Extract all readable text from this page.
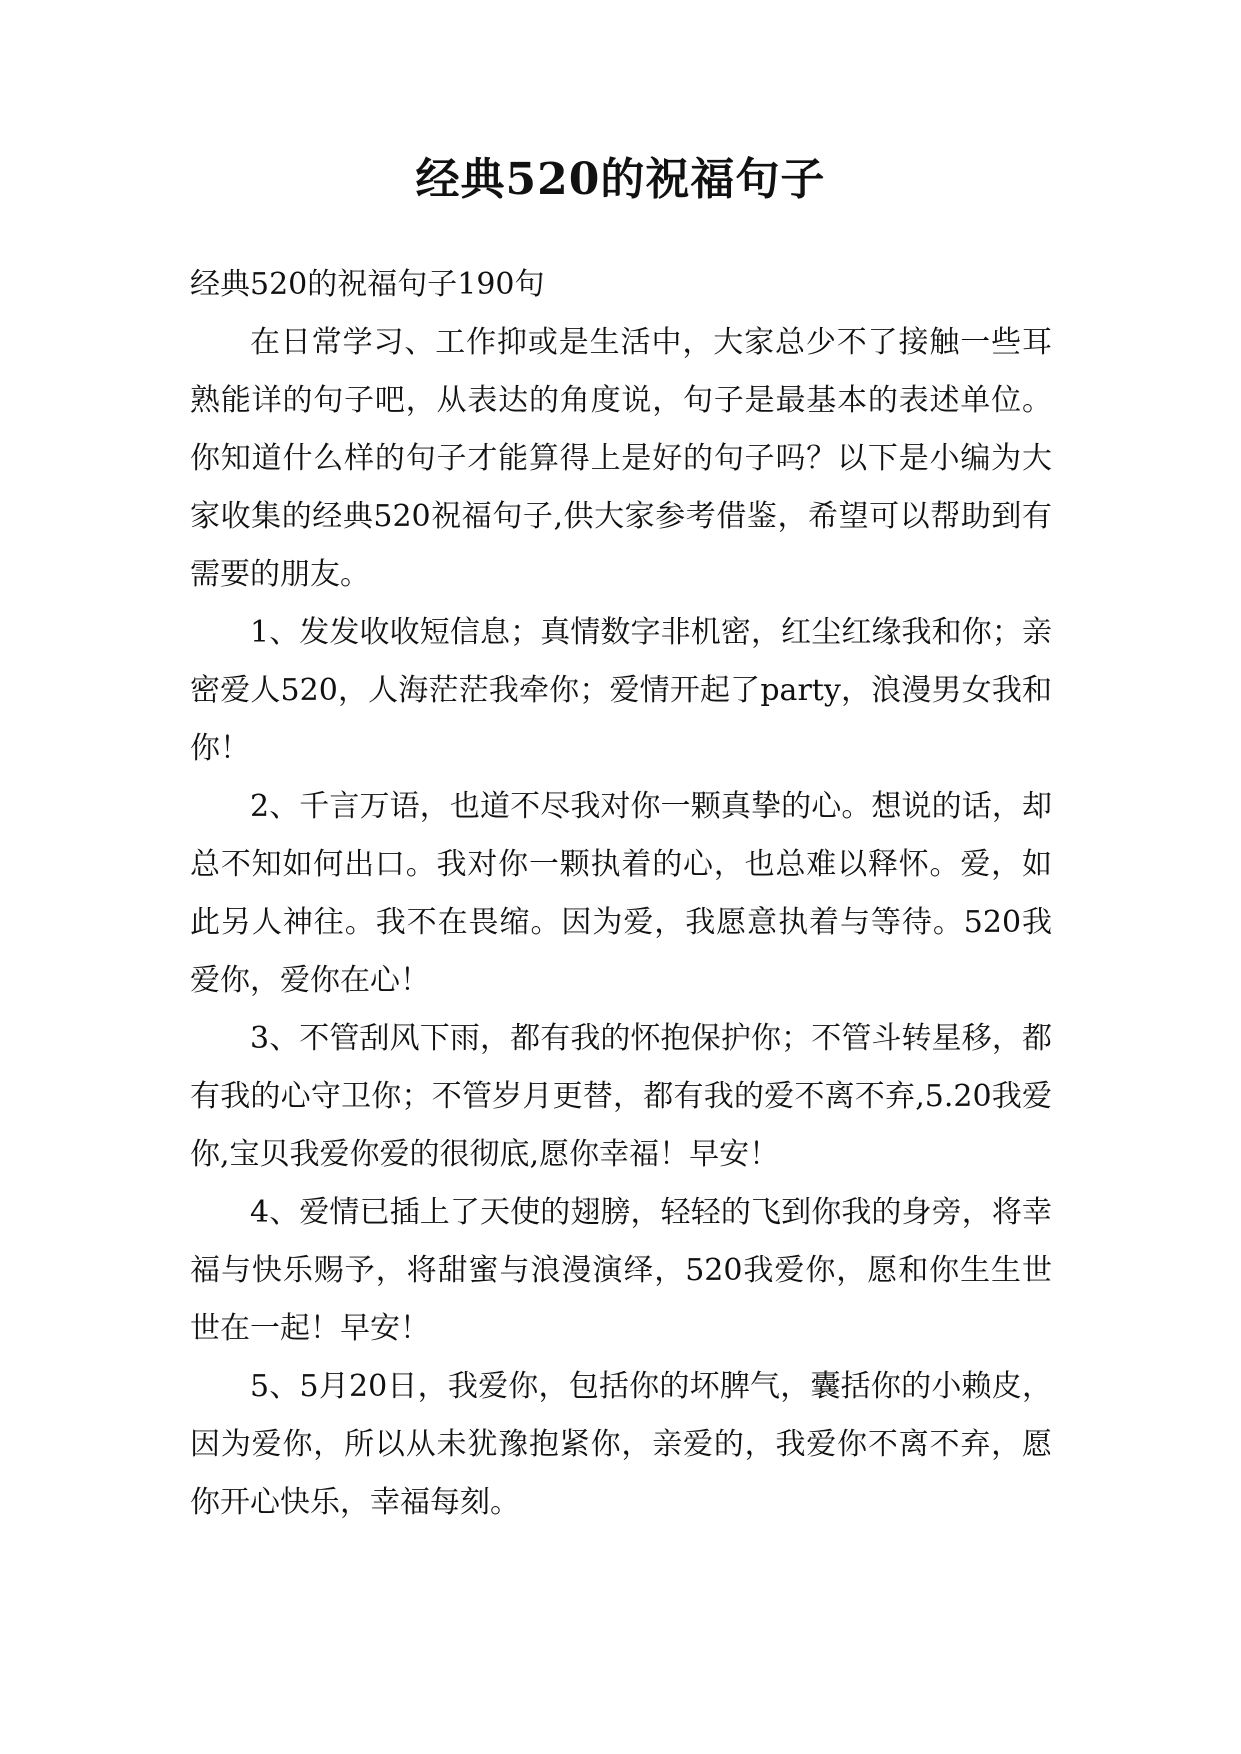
经典520的祝福句子

经典520的祝福句子190句

在日常学习、工作抑或是生活中，大家总少不了接触一些耳熟能详的句子吧，从表达的角度说，句子是最基本的表述单位。你知道什么样的句子才能算得上是好的句子吗？以下是小编为大家收集的经典520祝福句子,供大家参考借鉴，希望可以帮助到有需要的朋友。

1、发发收收短信息；真情数字非机密，红尘红缘我和你；亲密爱人520，人海茫茫我牵你；爱情开起了party，浪漫男女我和你！

2、千言万语，也道不尽我对你一颗真挚的心。想说的话，却总不知如何出口。我对你一颗执着的心，也总难以释怀。爱，如此另人神往。我不在畏缩。因为爱，我愿意执着与等待。520我爱你，爱你在心！

3、不管刮风下雨，都有我的怀抱保护你；不管斗转星移，都有我的心守卫你；不管岁月更替，都有我的爱不离不弃,5.20我爱你,宝贝我爱你爱的很彻底,愿你幸福！早安！

4、爱情已插上了天使的翅膀，轻轻的飞到你我的身旁，将幸福与快乐赐予，将甜蜜与浪漫演绎，520我爱你，愿和你生生世世在一起！早安！

5、5月20日，我爱你，包括你的坏脾气，囊括你的小赖皮，因为爱你，所以从未犹豫抱紧你，亲爱的，我爱你不离不弃，愿你开心快乐，幸福每刻。
